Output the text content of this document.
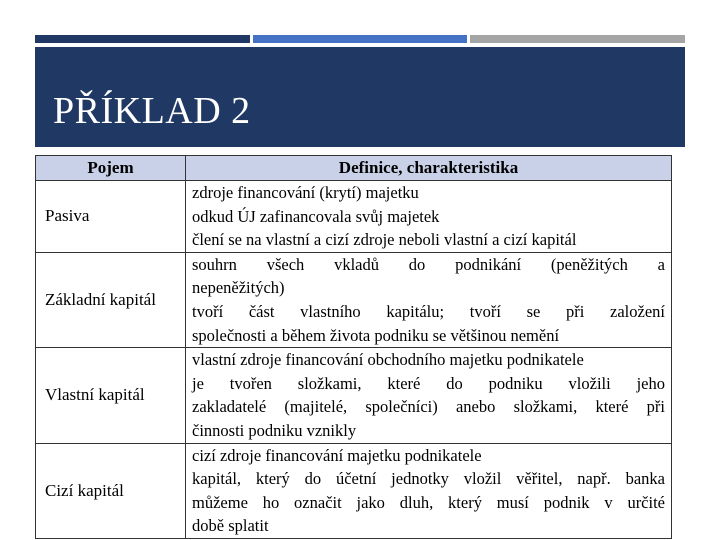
PŘÍKLAD 2
Pojem	Definice, charakteristika
Pasiva	zdroje financování (krytí) majetku
odkud ÚJ zafinancovala svůj majetek
člení se na vlastní a cizí zdroje neboli vlastní a cizí kapitál

Základní kapitál	souhrn všech vkladů do podnikání (peněžitých a
nepeněžitých)
tvoří část vlastního kapitálu; tvoří se při založení
společnosti a během života podniku se většinou nemění

Vlastní kapitál	vlastní zdroje financování obchodního majetku podnikatele
je tvořen složkami, které do podniku vložili jeho
zakladatelé (majitelé, společníci) anebo složkami, které při
činnosti podniku vznikly

Cizí kapitál	cizí zdroje financování majetku podnikatele
kapitál, který do účetní jednotky vložil věřitel, např. banka
můžeme ho označit jako dluh, který musí podnik v určité
době splatit
